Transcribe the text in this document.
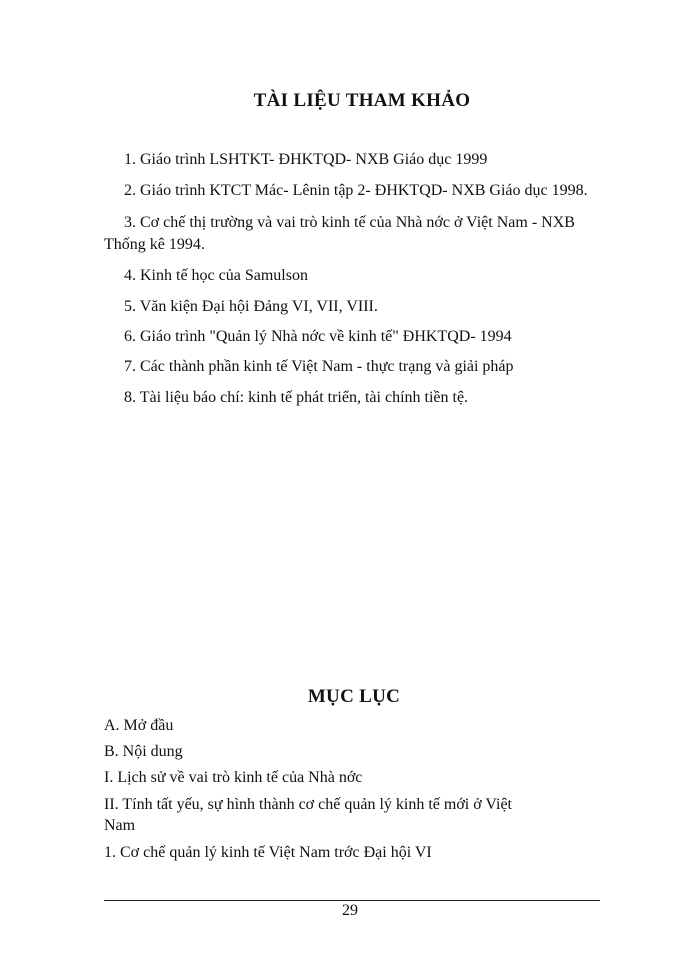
TÀI LIỆU THAM KHẢO
1. Giáo trình LSHTKT- ĐHKTQD- NXB Giáo dục 1999
2. Giáo trình KTCT Mác- Lênin tập 2- ĐHKTQD- NXB Giáo dục 1998.
3. Cơ chế thị trường và vai trò kinh tế của Nhà nớc ở Việt Nam - NXB
Thống kê 1994.
4. Kinh tế học của Samulson
5. Văn kiện Đại hội Đảng VI, VII, VIII.
6. Giáo trình "Quản lý Nhà nớc về kinh tế" ĐHKTQD- 1994
7. Các thành phần kinh tế Việt Nam - thực trạng và giải pháp
8. Tài liệu báo chí: kinh tế phát triển, tài chính tiền tệ.
MỤC LỤC
A. Mở đầu
B. Nội dung
I. Lịch sử về vai trò kinh tế của Nhà nớc
II. Tính tất yếu, sự hình thành cơ chế quản lý kinh tế mới ở Việt
Nam
1. Cơ chế quản lý kinh tế Việt Nam trớc Đại hội VI
29
